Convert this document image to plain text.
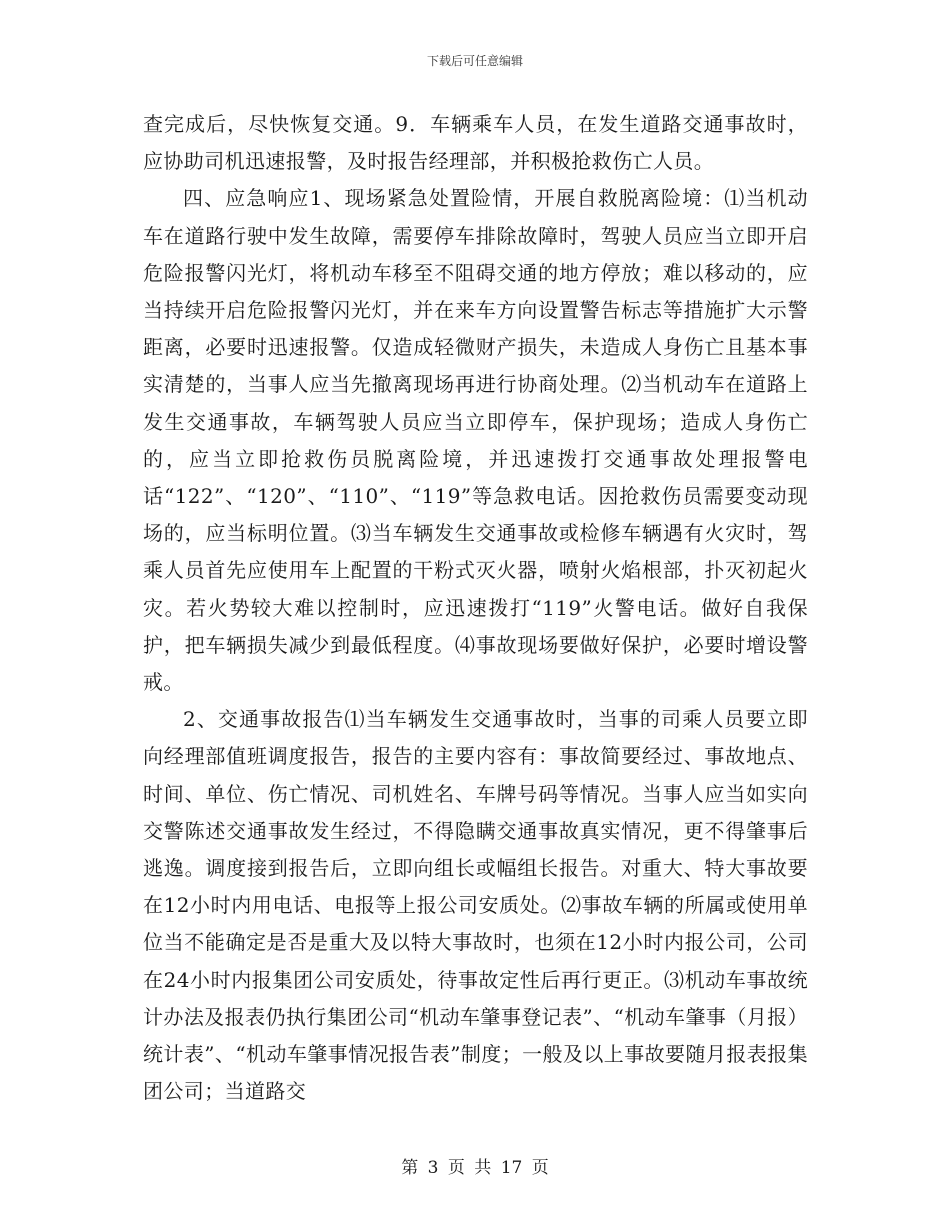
下载后可任意编辑

查完成后，尽快恢复交通。9．车辆乘车人员，在发生道路交通事故时，应协助司机迅速报警，及时报告经理部，并积极抢救伤亡人员。

四、应急响应1、现场紧急处置险情，开展自救脱离险境：⑴当机动车在道路行驶中发生故障，需要停车排除故障时，驾驶人员应当立即开启危险报警闪光灯，将机动车移至不阻碍交通的地方停放；难以移动的，应当持续开启危险报警闪光灯，并在来车方向设置警告标志等措施扩大示警距离，必要时迅速报警。仅造成轻微财产损失，未造成人身伤亡且基本事实清楚的，当事人应当先撤离现场再进行协商处理。⑵当机动车在道路上发生交通事故，车辆驾驶人员应当立即停车，保护现场；造成人身伤亡的，应当立即抢救伤员脱离险境，并迅速拨打交通事故处理报警电话“122”、“120”、“110”、“119”等急救电话。因抢救伤员需要变动现场的，应当标明位置。⑶当车辆发生交通事故或检修车辆遇有火灾时，驾乘人员首先应使用车上配置的干粉式灭火器，喷射火焰根部，扑灭初起火灾。若火势较大难以控制时，应迅速拨打“119”火警电话。做好自我保护，把车辆损失减少到最低程度。⑷事故现场要做好保护，必要时增设警戒。

2、交通事故报告⑴当车辆发生交通事故时，当事的司乘人员要立即向经理部值班调度报告，报告的主要内容有：事故简要经过、事故地点、时间、单位、伤亡情况、司机姓名、车牌号码等情况。当事人应当如实向交警陈述交通事故发生经过，不得隐瞒交通事故真实情况，更不得肇事后逃逸。调度接到报告后，立即向组长或幅组长报告。对重大、特大事故要在12小时内用电话、电报等上报公司安质处。⑵事故车辆的所属或使用单位当不能确定是否是重大及以特大事故时，也须在12小时内报公司，公司在24小时内报集团公司安质处，待事故定性后再行更正。⑶机动车事故统计办法及报表仍执行集团公司“机动车肇事登记表”、“机动车肇事（月报）统计表”、“机动车肇事情况报告表”制度；一般及以上事故要随月报表报集团公司；当道路交

第 3 页 共 17 页
